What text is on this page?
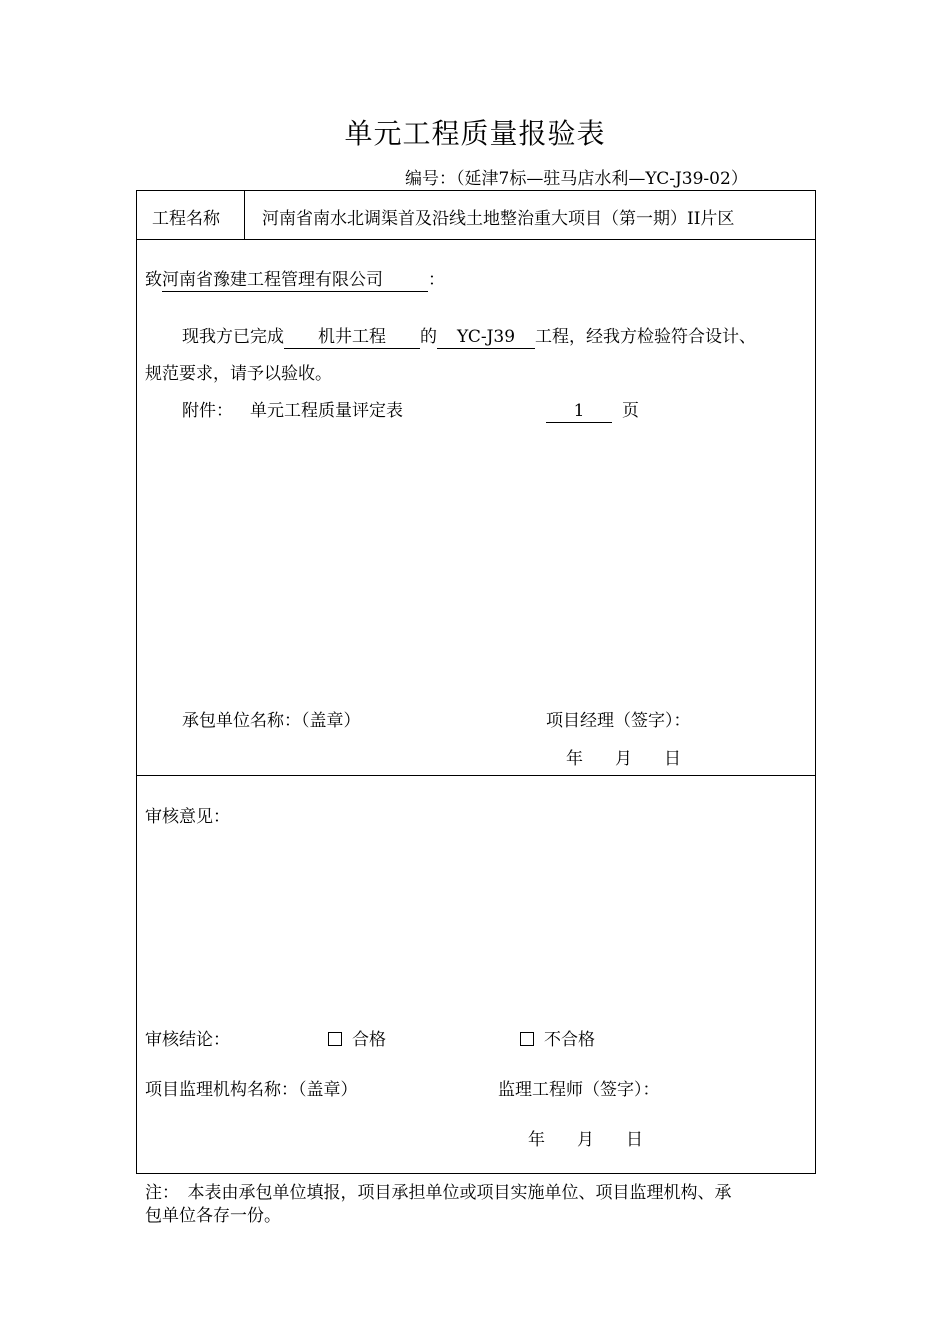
单元工程质量报验表
编号：（延津7标—驻马店水利—YC-J39-02）
工程名称 河南省南水北调渠首及沿线土地整治重大项目（第一期）II片区
致河南省豫建工程管理有限公司	：
现我方已完成 机井工程 的 YC-J39 工程，经我方检验符合设计、
规范要求，请予以验收。
附件： 单元工程质量评定表	1 页
承包单位名称：（盖章）	项目经理（签字）：
年 月 日
审核意见：
审核结论：	合格	不合格
项目监理机构名称：（盖章）	监理工程师（签字）：
年 月 日
注：　本表由承包单位填报，项目承担单位或项目实施单位、项目监理机构、承
包单位各存一份。
